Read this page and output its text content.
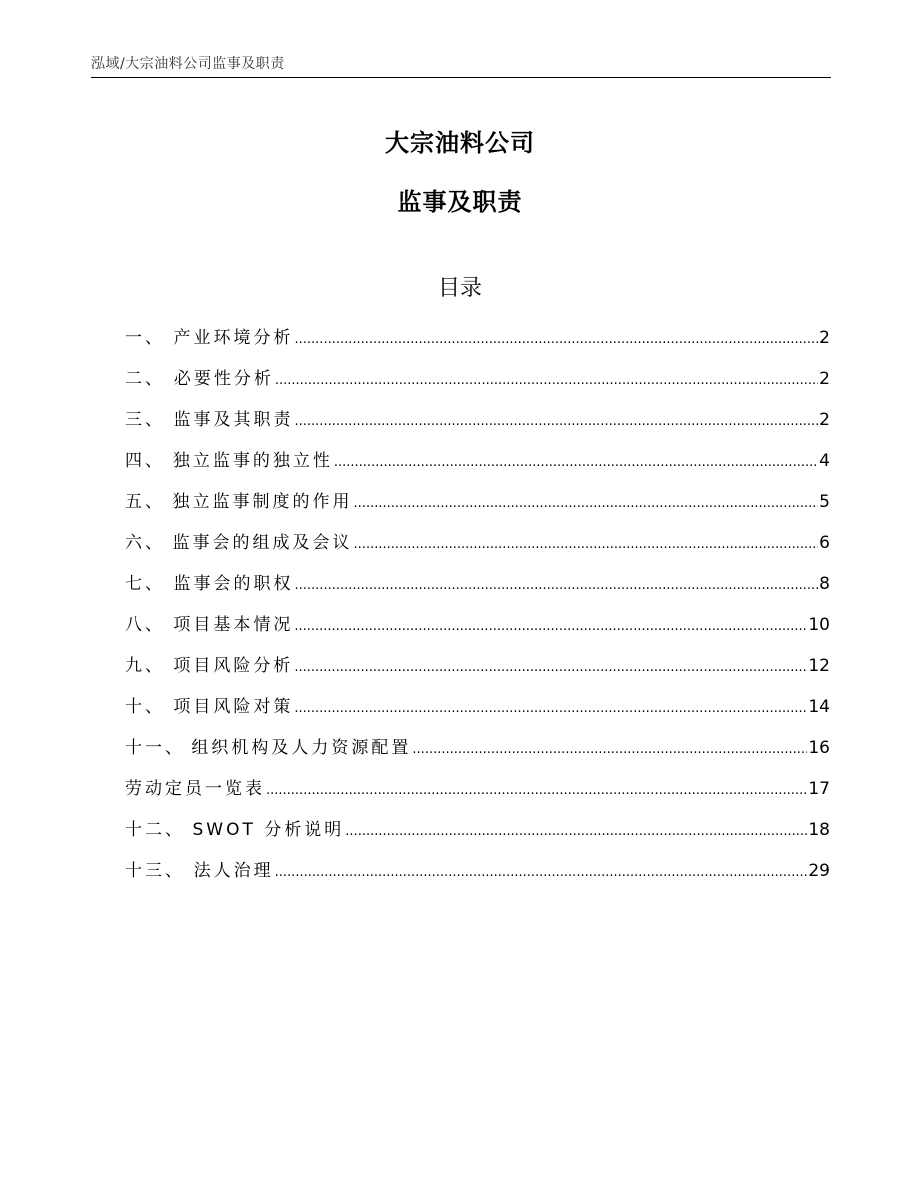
泓域/大宗油料公司监事及职责
大宗油料公司
监事及职责
目录
一、 产业环境分析 .....	2
二、 必要性分析 .....	2
三、 监事及其职责 .....	2
四、 独立监事的独立性 .....	4
五、 独立监事制度的作用 .....	5
六、 监事会的组成及会议 .....	6
七、 监事会的职权 .....	8
八、 项目基本情况 .....	10
九、 项目风险分析 .....	12
十、 项目风险对策 .....	14
十一、 组织机构及人力资源配置 .....	16
劳动定员一览表 .....	17
十二、 SWOT 分析说明 .....	18
十三、 法人治理 .....	29
